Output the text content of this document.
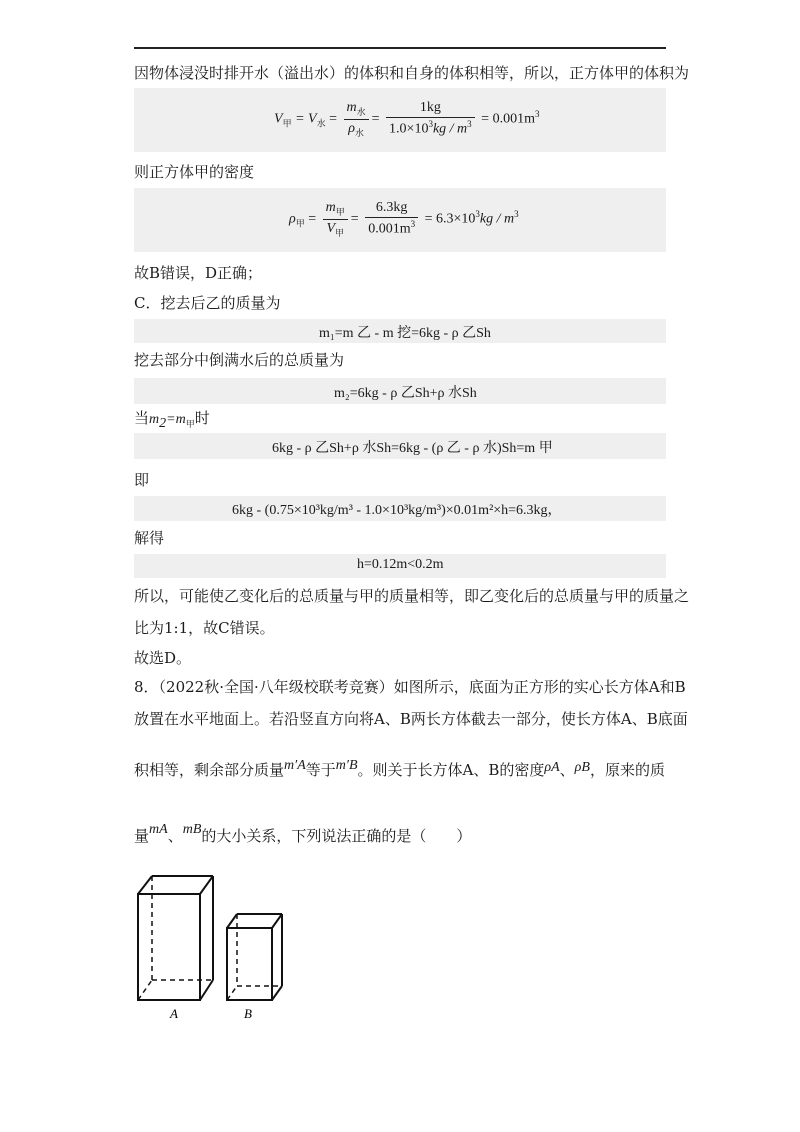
因物体浸没时排开水（溢出水）的体积和自身的体积相等，所以，正方体甲的体积为
$V_甲 = V_水 = \frac{m_水}{\rho_水} = \frac{1kg}{1.0\times 10^3kg / m^3} = 0.001m^3$
则正方体甲的密度
$\rho_甲 = \frac{m_甲}{V_甲} = \frac{6.3kg}{0.001m^3} = 6.3\times 10^3kg / m^3$
故B错误，D正确；
C．挖去后乙的质量为
m₁=m 乙 - m 挖=6kg - ρ 乙Sh
挖去部分中倒满水后的总质量为
m₂=6kg - ρ 乙Sh+ρ 水Sh
当$m_2=m_甲$时
6kg - ρ 乙Sh+ρ 水Sh=6kg - (ρ 乙 - ρ 水)Sh=m 甲
即
6kg - (0.75×10³kg/m³ - 1.0×10³kg/m³)×0.01m²×h=6.3kg，
解得
h=0.12m<0.2m
所以，可能使乙变化后的总质量与甲的质量相等，即乙变化后的总质量与甲的质量之
比为1:1，故C错误。
故选D。
8．（2022秋·全国·八年级校联考竞赛）如图所示，底面为正方形的实心长方体A和B
放置在水平地面上。若沿竖直方向将A、B两长方体截去一部分，使长方体A、B底面
积相等，剩余部分质量m′A等于m′B。则关于长方体A、B的密度ρA、ρB，原来的质
量mA、mB的大小关系，下列说法正确的是（　　）
A	B
